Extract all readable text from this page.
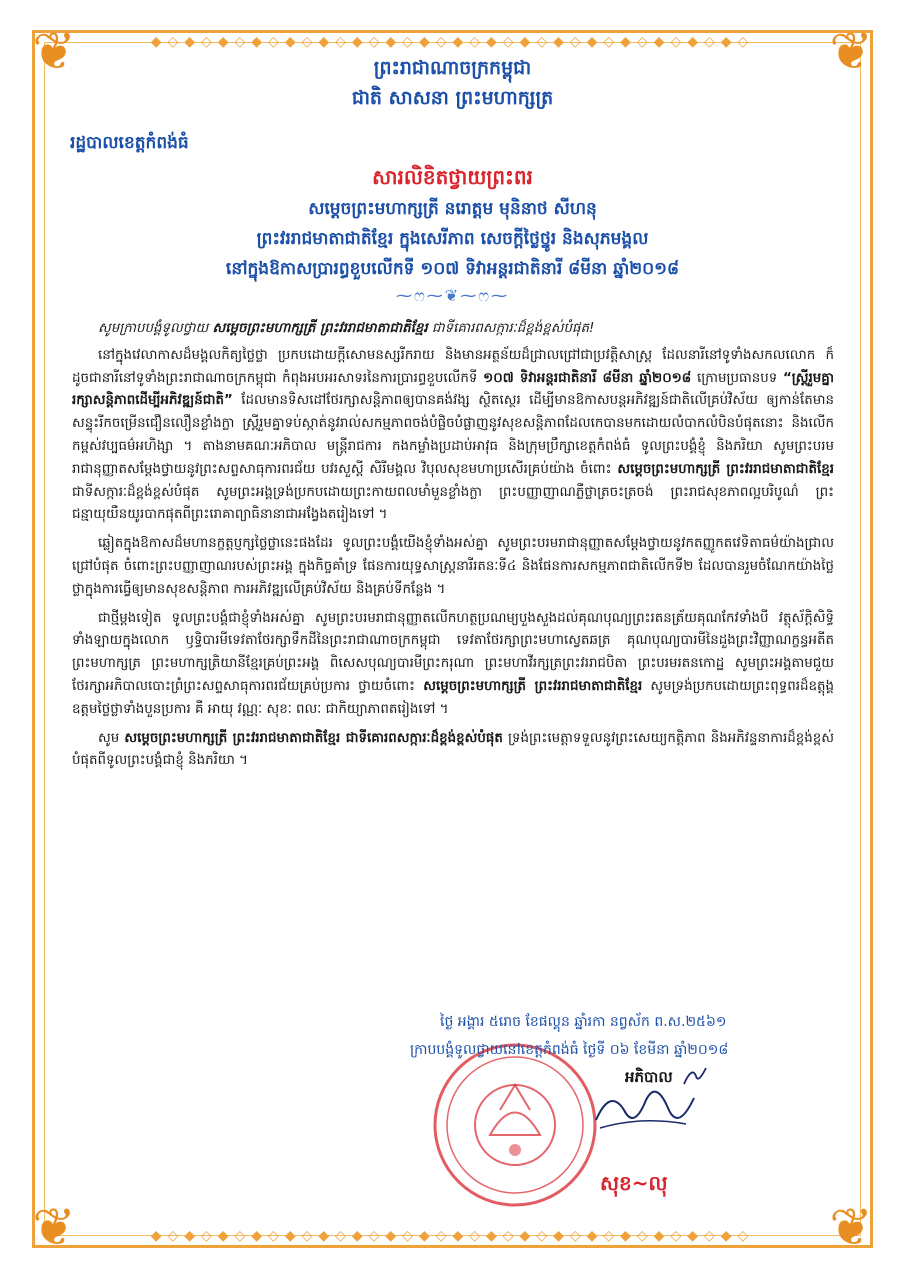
❦	❦
❦	❦
◆◇◆◇◆◇◆◇◆◇◆◇◆◇◆◇◆◇◆◇◆◇◆◇◆◇◆◇◆◇◆◇◆◇◆◇
◆◇◆◇◆◇◆◇◆◇◆◇◆◇◆◇◆◇◆◇◆◇◆◇◆◇◆◇◆◇◆◇◆◇◆◇
ព្រះរាជាណាចក្រកម្ពុជា
ជាតិ សាសនា ព្រះមហាក្សត្រ
រដ្ឋបាលខេត្តកំពង់ធំ
សារលិខិតថ្វាយព្រះពរ
សម្តេចព្រះមហាក្សត្រី នរោត្តម មុនិនាថ សីហនុ
ព្រះវររាជមាតាជាតិខ្មែរ ក្នុងសេរីភាព សេចក្តីថ្លៃថ្នូរ និងសុភមង្គល
នៅក្នុងឱកាសប្រារព្ធខួបលើកទី ១០៧ ទិវាអន្តរជាតិនារី ៨មីនា ឆ្នាំ២០១៨
⁓ෆ⁓❦⁓ෆ⁓

សូមក្រាបបង្គំទូលថ្វាយ សម្តេចព្រះមហាក្សត្រី ព្រះវររាជមាតាជាតិខ្មែរ ជាទីគោរពសក្ការៈដ៏ខ្ពង់ខ្ពស់បំផុត!

នៅក្នុងវេលាកាសដ៏មង្គលកិត្យថ្លៃថ្លា ប្រកបដោយក្តីសោមនស្សរីករាយ និងមានអត្ថន័យដ៏ជ្រាលជ្រៅជាប្រវត្តិសាស្ត្រ ដែលនារីនៅទូទាំងសកលលោក ក៏ដូចជានារីនៅទូទាំងព្រះរាជាណាចក្រកម្ពុជា កំពុងអបអរសាទរនៃការប្រារព្ធខួបលើកទី ១០៧ ទិវាអន្តរជាតិនារី ៨មីនា ឆ្នាំ២០១៨ ក្រោមប្រធានបទ “ស្ត្រីរួមគ្នារក្សាសន្តិភាពដើម្បីអភិវឌ្ឍន៍ជាតិ” ដែលមានទិសដៅថែរក្សាសន្តិភាពឲ្យបានគង់វង្ស ស្ថិតស្ថេរ ដើម្បីមានឱកាសបន្តអភិវឌ្ឍន៍ជាតិលើគ្រប់វិស័យ ឲ្យកាន់តែមានសន្ទុះរីកចម្រើនជឿនលឿនខ្លាំងក្លា ស្ត្រីរួមគ្នាទប់ស្កាត់នូវរាល់សកម្មភាពចង់បំផ្លិចបំផ្លាញនូវសុខសន្តិភាពដែលកេបានមកដោយលំបាកលំបិនបំផុតនោះ និងលើកកម្ពស់វប្បធម៌អហិង្សា ។ តាងនាមគណៈអភិបាល មន្ត្រីរាជការ កងកម្លាំងប្រដាប់អាវុធ និងក្រុមប្រឹក្សាខេត្តកំពង់ធំ ទូលព្រះបង្គំខ្ញុំ និងភរិយា សូមព្រះបរមរាជានុញ្ញាតសម្តែងថ្វាយនូវព្រះសព្ទសាធុការពរជ័យ បវរសួស្តី សិរីមង្គល វិបុលសុខមហាប្រសើរគ្រប់យ៉ាង ចំពោះ សម្តេចព្រះមហាក្សត្រី ព្រះវររាជមាតាជាតិខ្មែរ ជាទីសក្ការៈដ៏ខ្ពង់ខ្ពស់បំផុត សូមព្រះអង្គទ្រង់ប្រកបដោយព្រះកាយពលមាំមួនខ្លាំងក្លា ព្រះបញ្ញាញាណភ្លឺថ្លាត្រចះត្រចង់ ព្រះរាជសុខភាពល្អបរិបូណ៌ ព្រះជន្មាយុយឺនយូរបាកផុតពីព្រះរោគាព្យាធិនានាជាអង្វែងតរៀងទៅ ។

ឆ្លៀតក្នុងឱកាសដ៏មហានក្ខត្តប្ញក្សថ្លៃថ្លានេះផងដែរ ទូលព្រះបង្គំយើងខ្ញុំទាំងអស់គ្នា សូមព្រះបរមរាជានុញ្ញាតសម្តែងថ្វាយនូវកតញ្ញូកតវេទិតាធម៌យ៉ាងជ្រាលជ្រៅបំផុត ចំពោះព្រះបញ្ញាញាណរបស់ព្រះអង្គ ក្នុងកិច្ចគាំទ្រ ផែនការយុទ្ធសាស្ត្រនារីរតនៈទី៤ និងផែនការសកម្មភាពជាតិលើកទី២ ដែលបានរួមចំណែកយ៉ាងថ្លៃថ្លាក្នុងការធ្វើឲ្យមានសុខសន្តិភាព ការអភិវឌ្ឍលើគ្រប់វិស័យ និងគ្រប់ទីកន្លែង ។

ជាថ្មីម្តងទៀត ទូលព្រះបង្គំជាខ្ញុំទាំងអស់គ្នា សូមព្រះបរមរាជានុញ្ញាតលើកហត្ថប្រណម្យបួងសួងដល់គុណបុណ្យព្រះរតនត្រ័យគុណកែវទាំងបី វត្ថុស័ក្តិសិទ្ធិទាំងឡាយក្នុងលោក ឫទ្ធិបារមីទេវតាថែរក្សាទឹកដីនៃព្រះរាជាណាចក្រកម្ពុជា ទេវតាថែរក្សាព្រះមហាស្វេតឆត្រ គុណបុណ្យបារមីនៃដួងព្រះវិញ្ញាណក្ខន្ធអតីតព្រះមហាក្សត្រ ព្រះមហាក្សត្រិយានីខ្មែរគ្រប់ព្រះអង្គ ពិសេសបុណ្យបារមីព្រះករុណា ព្រះមហាវីរក្សត្រព្រះវររាជបិតា ព្រះបរមរតនកោដ្ឋ សូមព្រះអង្គតាមជួយថែរក្សាអភិបាលបោះព្រំព្រះសព្ទសាធុការពរជ័យគ្រប់ប្រការ ថ្វាយចំពោះ សម្តេចព្រះមហាក្សត្រី ព្រះវររាជមាតាជាតិខ្មែរ សូមទ្រង់ប្រកបដោយព្រះពុទ្ធពរដ៏ឧត្តុង្គឧត្តមថ្លៃថ្លាទាំងបួនប្រការ គឺ អាយុ វណ្ណៈ សុខៈ ពលៈ ជាកិយ្យាភាពតរៀងទៅ ។

សូម សម្តេចព្រះមហាក្សត្រី ព្រះវររាជមាតាជាតិខ្មែរ ជាទីគោរពសក្ការៈដ៏ខ្ពង់ខ្ពស់បំផុត ទ្រង់ព្រះមេត្តាទទួលនូវព្រះសេយ្យកត្តិភាព និងអភិវន្ទនាការដ៏ខ្ពង់ខ្ពស់បំផុតពីទូលព្រះបង្គំជាខ្ញុំ និងភរិយា ។

ថ្ងៃ អង្គារ ៥រោច ខែផល្គុន ឆ្នាំរកា នព្វស័ក ព.ស.២៥៦១
ក្រាបបង្គំទូលថ្វាយនៅខេត្តកំពង់ធំ ថ្ងៃទី ០៦ ខែមីនា ឆ្នាំ២០១៨
អភិបាល
សុខ~លុ
